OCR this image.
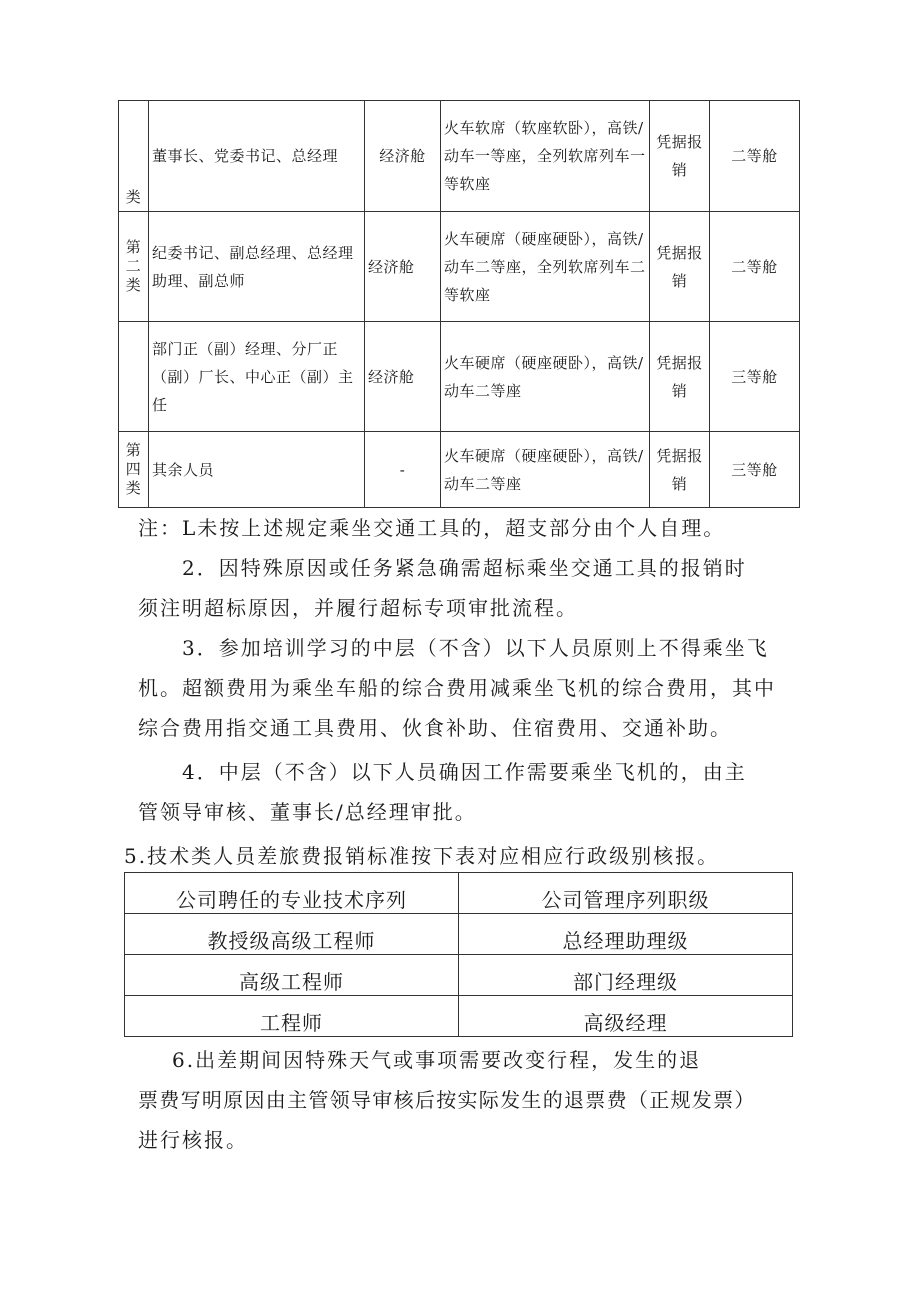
类	董事长、党委书记、总经理	经济舱	火车软席（软座软卧），高铁/动车一等座，全列软席列车一等软座	凭据报销	二等舱
第二类	纪委书记、副总经理、总经理助理、副总师	经济舱	火车硬席（硬座硬卧），高铁/动车二等座，全列软席列车二等软座	凭据报销	二等舱
	部门正（副）经理、分厂正（副）厂长、中心正（副）主任	经济舱	火车硬席（硬座硬卧），高铁/动车二等座	凭据报销	三等舱
第四类	其余人员	-	火车硬席（硬座硬卧），高铁/动车二等座	凭据报销	三等舱

注：L未按上述规定乘坐交通工具的，超支部分由个人自理。

2．因特殊原因或任务紧急确需超标乘坐交通工具的报销时

须注明超标原因，并履行超标专项审批流程。

3．参加培训学习的中层（不含）以下人员原则上不得乘坐飞

机。超额费用为乘坐车船的综合费用减乘坐飞机的综合费用，其中

综合费用指交通工具费用、伙食补助、住宿费用、交通补助。

4．中层（不含）以下人员确因工作需要乘坐飞机的，由主

管领导审核、董事长/总经理审批。

5.技术类人员差旅费报销标准按下表对应相应行政级别核报。

公司聘任的专业技术序列	公司管理序列职级
教授级高级工程师	总经理助理级
高级工程师	部门经理级
工程师	高级经理

6.出差期间因特殊天气或事项需要改变行程，发生的退

票费写明原因由主管领导审核后按实际发生的退票费（正规发票）

进行核报。
